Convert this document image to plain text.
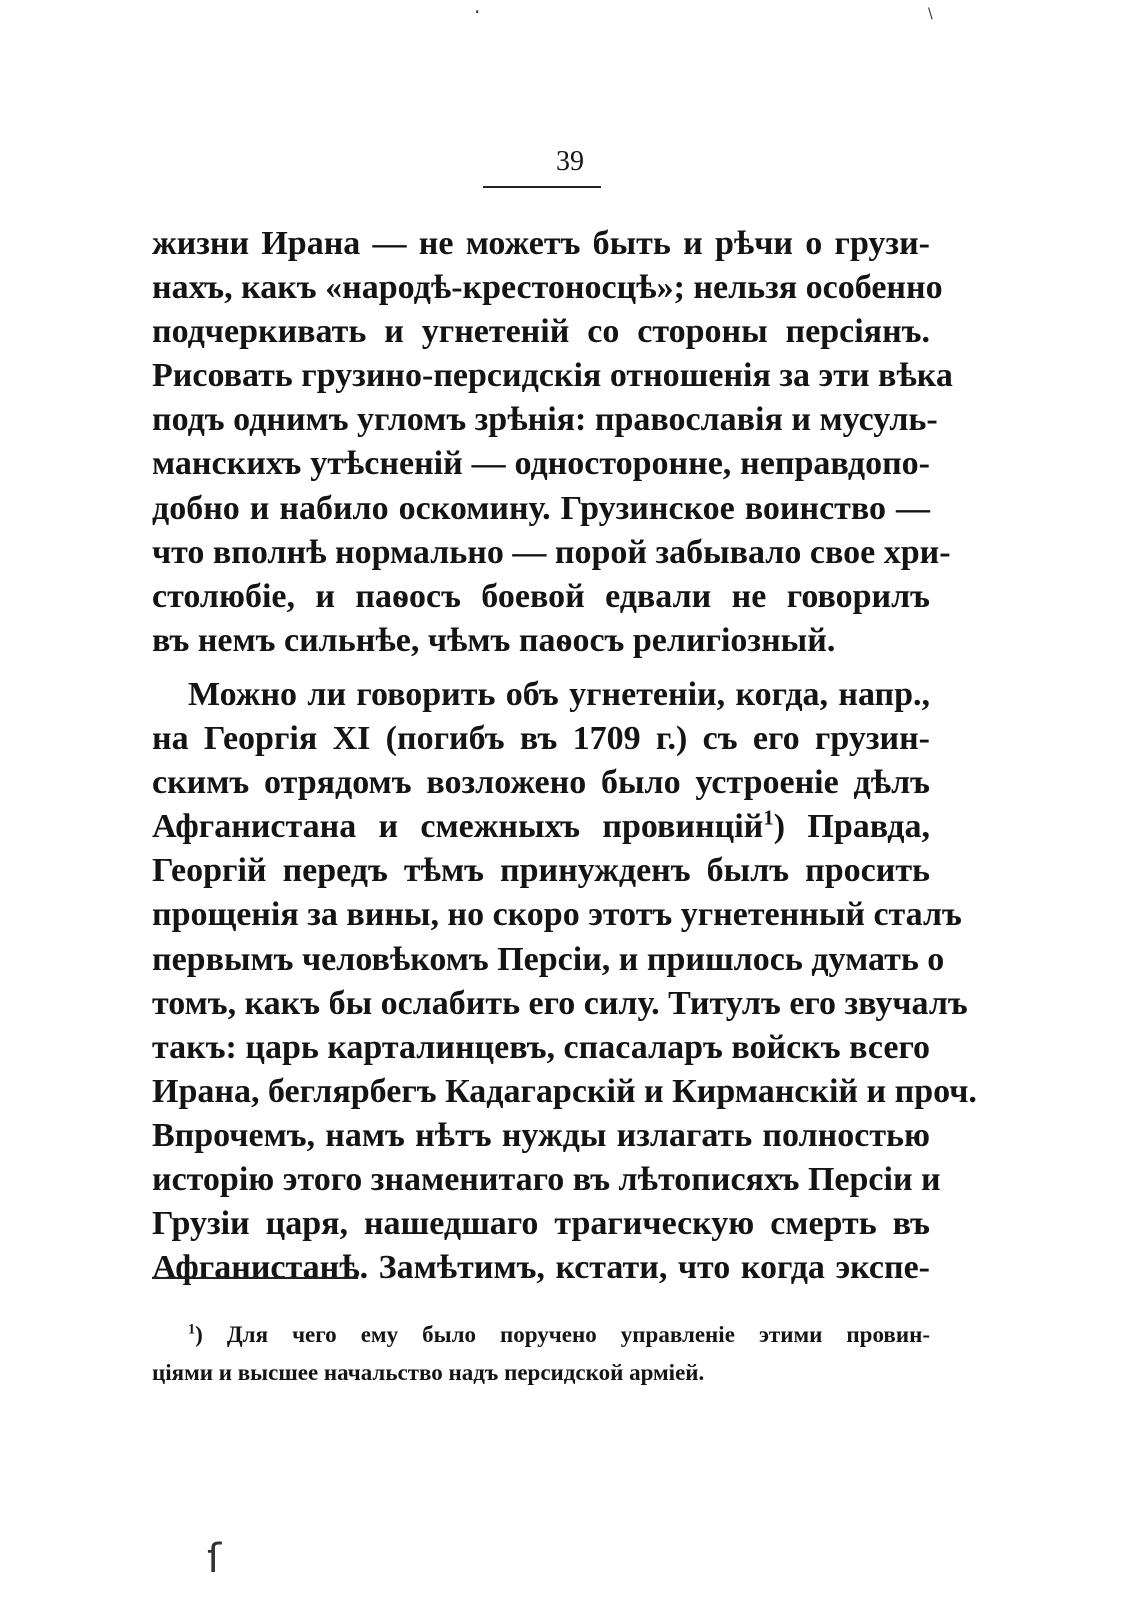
·	\
39
жизни Ирана — не можетъ быть и рѣчи о грузи-
нахъ, какъ «народѣ-крестоносцѣ»; нельзя особенно
подчеркивать и угнетеній со стороны персіянъ.
Рисовать грузино-персидскія отношенія за эти вѣка
подъ однимъ угломъ зрѣнія: православія и мусуль-
манскихъ утѣсненій — односторонне, неправдопо-
добно и набило оскомину. Грузинское воинство —
что вполнѣ нормально — порой забывало свое хри-
столюбіе, и паѳосъ боевой едвали не говорилъ
въ немъ сильнѣе, чѣмъ паѳосъ религіозный.
Можно ли говорить объ угнетеніи, когда, напр.,
на Георгія XI (погибъ въ 1709 г.) съ его грузин-
скимъ отрядомъ возложено было устроеніе дѣлъ
Афганистана и смежныхъ провинцій$^1$) Правда,
Георгій передъ тѣмъ принужденъ былъ просить
прощенія за вины, но скоро этотъ угнетенный сталъ
первымъ человѣкомъ Персіи, и пришлось думать о
томъ, какъ бы ослабить его силу. Титулъ его звучалъ
такъ: царь карталинцевъ, спасаларъ войскъ всего
Ирана, беглярбегъ Кадагарскій и Кирманскій и проч.
Впрочемъ, намъ нѣтъ нужды излагать полностью
исторію этого знаменитаго въ лѣтописяхъ Персіи и
Грузіи царя, нашедшаго трагическую смерть въ
Афганистанѣ. Замѣтимъ, кстати, что когда экспе-
$^1$) Для чего ему было поручено управленіе этими провин-
ціями и высшее начальство надъ персидской арміей.
ſ
